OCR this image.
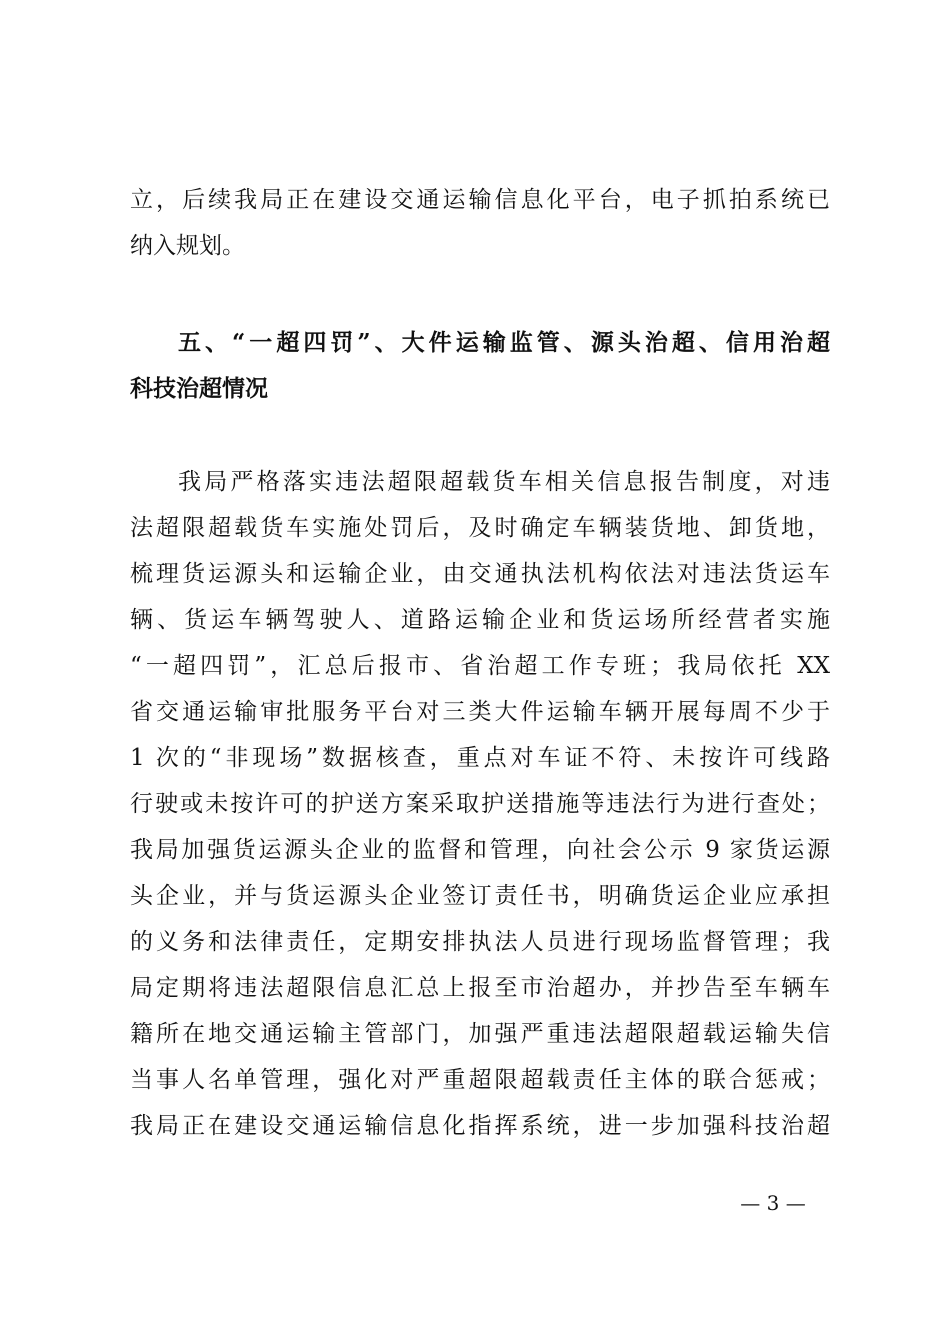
立，后续我局正在建设交通运输信息化平台，电子抓拍系统已
纳入规划。
五、“一超四罚”、大件运输监管、源头治超、信用治超
科技治超情况
我局严格落实违法超限超载货车相关信息报告制度，对违
法超限超载货车实施处罚后，及时确定车辆装货地、卸货地，
梳理货运源头和运输企业，由交通执法机构依法对违法货运车
辆、货运车辆驾驶人、道路运输企业和货运场所经营者实施
“一超四罚”，汇总后报市、省治超工作专班；我局依托 XX
省交通运输审批服务平台对三类大件运输车辆开展每周不少于
1 次的“非现场”数据核查，重点对车证不符、未按许可线路
行驶或未按许可的护送方案采取护送措施等违法行为进行查处；
我局加强货运源头企业的监督和管理，向社会公示 9 家货运源
头企业，并与货运源头企业签订责任书，明确货运企业应承担
的义务和法律责任，定期安排执法人员进行现场监督管理；我
局定期将违法超限信息汇总上报至市治超办，并抄告至车辆车
籍所在地交通运输主管部门，加强严重违法超限超载运输失信
当事人名单管理，强化对严重超限超载责任主体的联合惩戒；
我局正在建设交通运输信息化指挥系统，进一步加强科技治超
— 3 —
